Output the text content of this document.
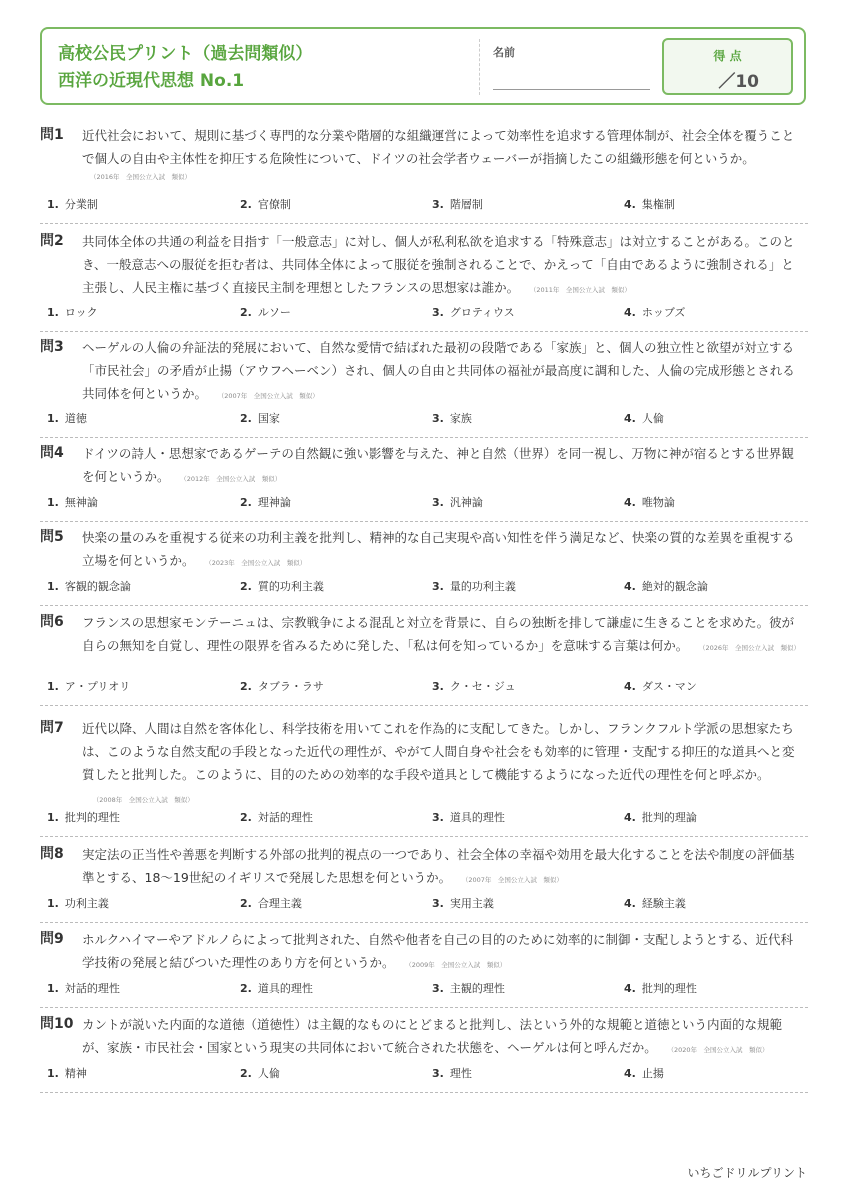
高校公民プリント（過去問類似）
西洋の近現代思想 No.1
名前	得 点
／10
問1	近代社会において、規則に基づく専門的な分業や階層的な組織運営によって効率性を追求する管理体制が、社会全体を覆うことで個人の自由や主体性を抑圧する危険性について、ドイツの社会学者ウェーバーが指摘したこの組織形態を何というか。
（2016年　全国公立入試　類似）
1. 分業制	2. 官僚制	3. 階層制	4. 集権制
問2	共同体全体の共通の利益を目指す「一般意志」に対し、個人が私利私欲を追求する「特殊意志」は対立することがある。このとき、一般意志への服従を拒む者は、共同体全体によって服従を強制されることで、かえって「自由であるように強制される」と主張し、人民主権に基づく直接民主制を理想としたフランスの思想家は誰か。 （2011年　全国公立入試　類似）
1. ロック	2. ルソー	3. グロティウス	4. ホッブズ
問3	ヘーゲルの人倫の弁証法的発展において、自然な愛情で結ばれた最初の段階である「家族」と、個人の独立性と欲望が対立する「市民社会」の矛盾が止揚（アウフヘーベン）され、個人の自由と共同体の福祉が最高度に調和した、人倫の完成形態とされる共同体を何というか。 （2007年　全国公立入試　類似）
1. 道徳	2. 国家	3. 家族	4. 人倫
問4	ドイツの詩人・思想家であるゲーテの自然観に強い影響を与えた、神と自然（世界）を同一視し、万物に神が宿るとする世界観を何というか。 （2012年　全国公立入試　類似）
1. 無神論	2. 理神論	3. 汎神論	4. 唯物論
問5	快楽の量のみを重視する従来の功利主義を批判し、精神的な自己実現や高い知性を伴う満足など、快楽の質的な差異を重視する立場を何というか。 （2023年　全国公立入試　類似）
1. 客観的観念論	2. 質的功利主義	3. 量的功利主義	4. 絶対的観念論
問6	フランスの思想家モンテーニュは、宗教戦争による混乱と対立を背景に、自らの独断を排して謙虚に生きることを求めた。彼が自らの無知を自覚し、理性の限界を省みるために発した、「私は何を知っているか」を意味する言葉は何か。 （2026年　全国公立入試　類似）
1. ア・プリオリ	2. タブラ・ラサ	3. ク・セ・ジュ	4. ダス・マン
問7	近代以降、人間は自然を客体化し、科学技術を用いてこれを作為的に支配してきた。しかし、フランクフルト学派の思想家たちは、このような自然支配の手段となった近代の理性が、やがて人間自身や社会をも効率的に管理・支配する抑圧的な道具へと変質したと批判した。このように、目的のための効率的な手段や道具として機能するようになった近代の理性を何と呼ぶか。（2008年　全国公立入試　類似）
1. 批判的理性	2. 対話的理性	3. 道具的理性	4. 批判的理論
問8	実定法の正当性や善悪を判断する外部の批判的視点の一つであり、社会全体の幸福や効用を最大化することを法や制度の評価基準とする、18〜19世紀のイギリスで発展した思想を何というか。 （2007年　全国公立入試　類似）
1. 功利主義	2. 合理主義	3. 実用主義	4. 経験主義
問9	ホルクハイマーやアドルノらによって批判された、自然や他者を自己の目的のために効率的に制御・支配しようとする、近代科学技術の発展と結びついた理性のあり方を何というか。 （2009年　全国公立入試　類似）
1. 対話的理性	2. 道具的理性	3. 主観的理性	4. 批判的理性
問10 カントが説いた内面的な道徳（道徳性）は主観的なものにとどまると批判し、法という外的な規範と道徳という内面的な規範が、家族・市民社会・国家という現実の共同体において統合された状態を、ヘーゲルは何と呼んだか。 （2020年　全国公立入試　類似）
1. 精神	2. 人倫	3. 理性	4. 止揚
いちごドリルプリント
